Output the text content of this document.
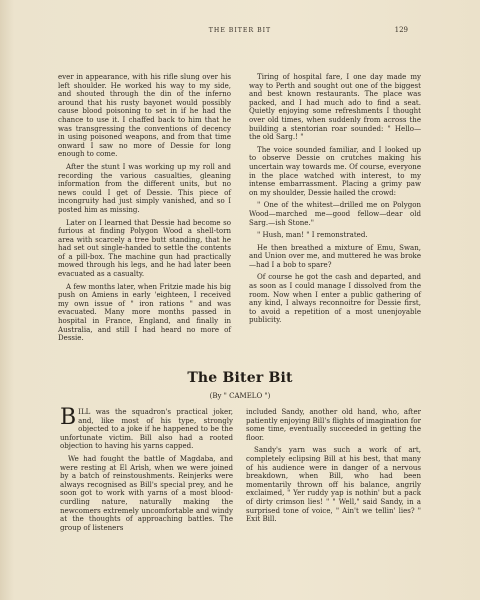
THE BITER BIT	129

ever in appearance, with his rifle slung over his left shoulder. He worked his way to my side, and shouted through the din of the inferno around that his rusty bayonet would possibly cause blood poisoning to set in if he had the chance to use it. I chaffed back to him that he was transgressing the conventions of decency in using poisoned weapons, and from that time onward I saw no more of Dessie for long enough to come.

After the stunt I was working up my roll and recording the various casualties, gleaning information from the different units, but no news could I get of Dessie. This piece of incongruity had just simply vanished, and so I posted him as missing.

Later on I learned that Dessie had become so furious at finding Polygon Wood a shell-torn area with scarcely a tree butt standing, that he had set out single-handed to settle the contents of a pill-box. The machine gun had practically mowed through his legs, and he had later been evacuated as a casualty.

A few months later, when Fritzie made his big push on Amiens in early 'eighteen, I received my own issue of " iron rations " and was evacuated. Many more months passed in hospital in France, England, and finally in Australia, and still I had heard no more of Dessie.

Tiring of hospital fare, I one day made my way to Perth and sought out one of the biggest and best known restaurants. The place was packed, and I had much ado to find a seat. Quietly enjoying some refreshments I thought over old times, when suddenly from across the building a stentorian roar sounded: " Hello—the old Sarg.! "

The voice sounded familiar, and I looked up to observe Dessie on crutches making his uncertain way towards me. Of course, everyone in the place watched with interest, to my intense embarrassment. Placing a grimy paw on my shoulder, Dessie hailed the crowd:

" One of the whitest—drilled me on Polygon Wood—marched me—good fellow—dear old Sarg.—ish Stone."

" Hush, man! " I remonstrated.

He then breathed a mixture of Emu, Swan, and Union over me, and muttered he was broke—had I a bob to spare?

Of course he got the cash and departed, and as soon as I could manage I dissolved from the room. Now when I enter a public gathering of any kind, I always reconnoitre for Dessie first, to avoid a repetition of a most unenjoyable publicity.

The Biter Bit
(By " CAMELO ")

BILL was the squadron's practical joker, and, like most of his type, strongly objected to a joke if he happened to be the unfortunate victim. Bill also had a rooted objection to having his yarns capped.

We had fought the battle of Magdaba, and were resting at El Arish, when we were joined by a batch of reinstoushments. Reinjerks were always recognised as Bill's special prey, and he soon got to work with yarns of a most blood-curdling nature, naturally making the newcomers extremely uncomfortable and windy at the thoughts of approaching battles. The group of listeners

included Sandy, another old hand, who, after patiently enjoying Bill's flights of imagination for some time, eventually succeeded in getting the floor.

Sandy's yarn was such a work of art, completely eclipsing Bill at his best, that many of his audience were in danger of a nervous breakdown, when Bill, who had been momentarily thrown off his balance, angrily exclaimed, " Yer ruddy yap is nothin' but a pack of dirty crimson lies! " " Well," said Sandy, in a surprised tone of voice, " Ain't we tellin' lies? " Exit Bill.
